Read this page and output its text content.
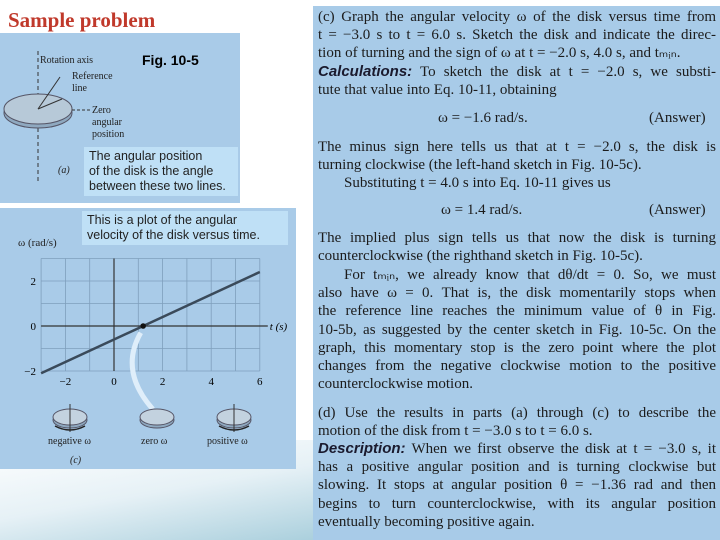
Sample problem
Rotation axis	Fig. 10-5
Reference
line
Zero
angular
position
(a)
The angular position
of the disk is the angle
between these two lines.
This is a plot of the angular
velocity of the disk versus time.
ω (rad/s)
t (s)
−2	0	2	4	6
−2
0
2
(c)
negative ω	zero ω	positive ω
(c) Graph the angular velocity ω of the disk versus time from
t = −3.0 s to t = 6.0 s. Sketch the disk and indicate the direc-
tion of turning and the sign of ω at t = −2.0 s, 4.0 s, and tₘᵢₙ.
Calculations: To sketch the disk at t = −2.0 s, we substi-
tute that value into Eq. 10-11, obtaining
ω = −1.6 rad/s.	(Answer)
The minus sign here tells us that at t = −2.0 s, the disk is
turning clockwise (the left-hand sketch in Fig. 10-5c).
Substituting t = 4.0 s into Eq. 10-11 gives us
ω = 1.4 rad/s.	(Answer)
The implied plus sign tells us that now the disk is turning
counterclockwise (the righthand sketch in Fig. 10-5c).
For tₘᵢₙ, we already know that dθ/dt = 0. So, we must
also have ω = 0. That is, the disk momentarily stops when
the reference line reaches the minimum value of θ in Fig.
10-5b, as suggested by the center sketch in Fig. 10-5c. On the
graph, this momentary stop is the zero point where the plot
changes from the negative clockwise motion to the positive
counterclockwise motion.
(d) Use the results in parts (a) through (c) to describe the
motion of the disk from t = −3.0 s to t = 6.0 s.
Description: When we first observe the disk at t = −3.0 s, it
has a positive angular position and is turning clockwise but
slowing. It stops at angular position θ = −1.36 rad and then
begins to turn counterclockwise, with its angular position
eventually becoming positive again.
